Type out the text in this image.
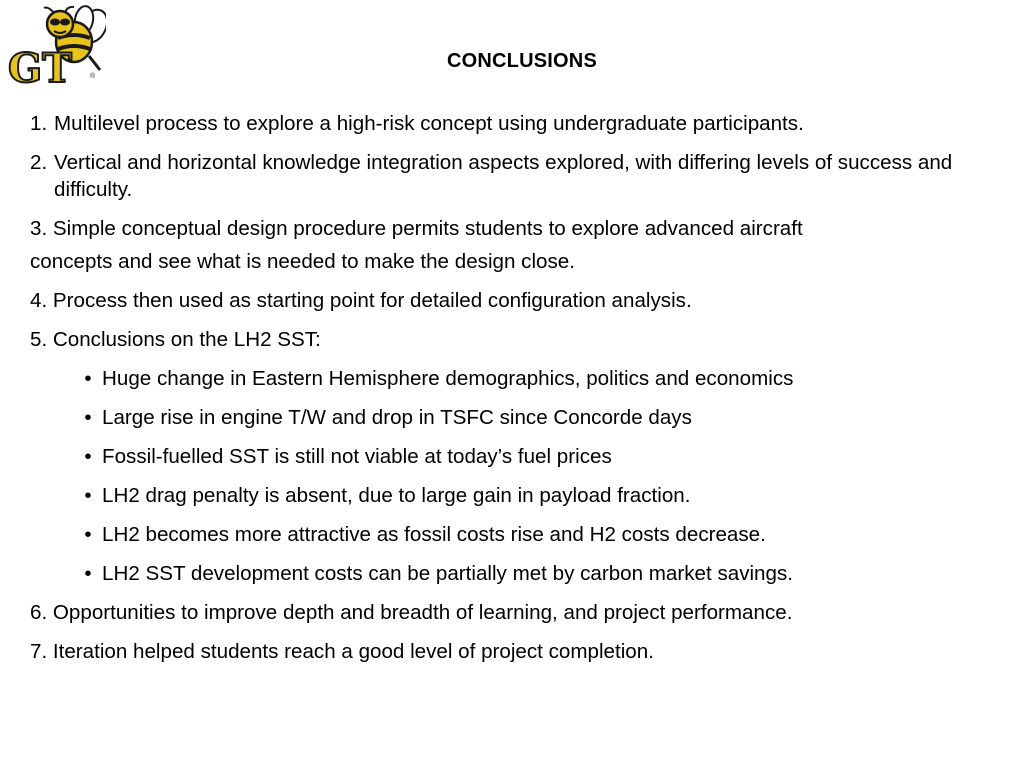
GT	®
CONCLUSIONS
1. Multilevel process to explore a high-risk concept using undergraduate participants.
2. Vertical and horizontal knowledge integration aspects explored, with differing levels of success and difficulty.
3. Simple conceptual design procedure permits students to explore advanced aircraft
concepts and see what is needed to make the design close.
4. Process then used as starting point for detailed configuration analysis.
5. Conclusions on the LH2 SST:
• Huge change in Eastern Hemisphere demographics, politics and economics
• Large rise in engine T/W and drop in TSFC since Concorde days
• Fossil-fuelled SST is still not viable at today’s fuel prices
• LH2 drag penalty is absent, due to large gain in payload fraction.
• LH2 becomes more attractive as fossil costs rise and H2 costs decrease.
• LH2 SST development costs can be partially met by carbon market savings.
6. Opportunities to improve depth and breadth of learning, and project performance.
7. Iteration helped students reach a good level of project completion.
